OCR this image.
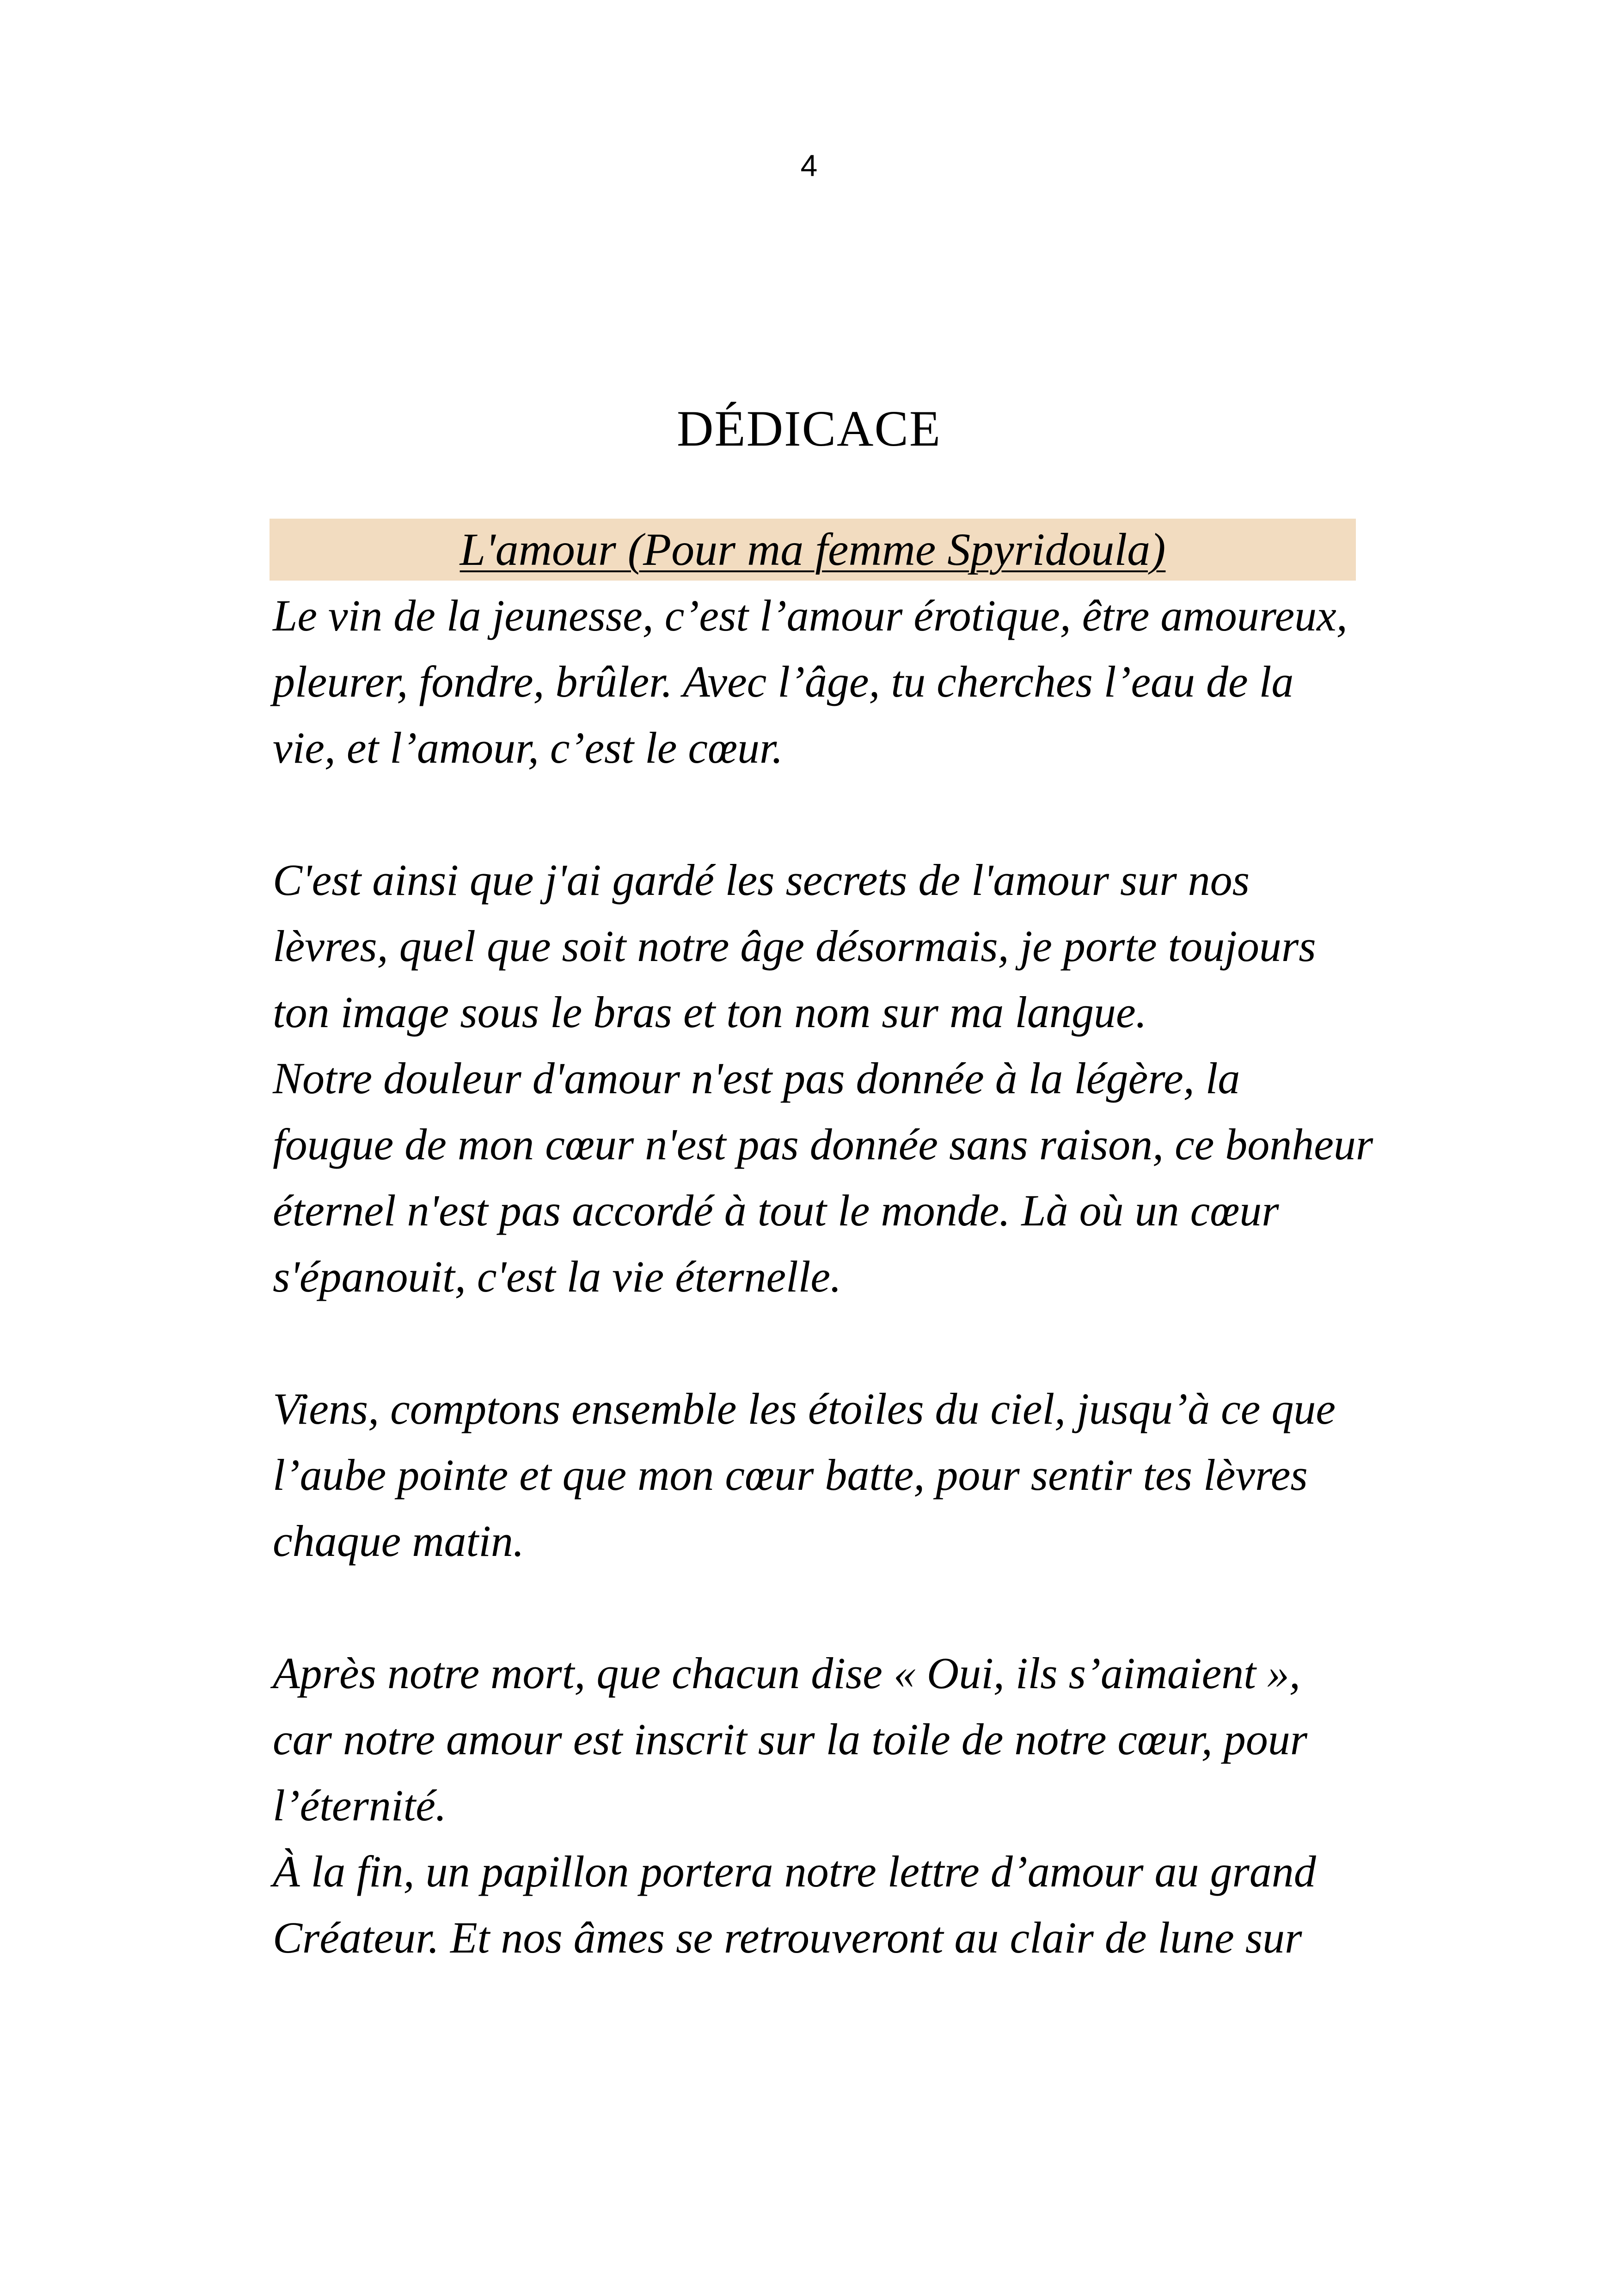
4
DÉDICACE
L'amour (Pour ma femme Spyridoula)
Le vin de la jeunesse, c’est l’amour érotique, être amoureux,
pleurer, fondre, brûler. Avec l’âge, tu cherches l’eau de la
vie, et l’amour, c’est le cœur.
C'est ainsi que j'ai gardé les secrets de l'amour sur nos
lèvres, quel que soit notre âge désormais, je porte toujours
ton image sous le bras et ton nom sur ma langue.
Notre douleur d'amour n'est pas donnée à la légère, la
fougue de mon cœur n'est pas donnée sans raison, ce bonheur
éternel n'est pas accordé à tout le monde. Là où un cœur
s'épanouit, c'est la vie éternelle.
Viens, comptons ensemble les étoiles du ciel, jusqu’à ce que
l’aube pointe et que mon cœur batte, pour sentir tes lèvres
chaque matin.
Après notre mort, que chacun dise « Oui, ils s’aimaient »,
car notre amour est inscrit sur la toile de notre cœur, pour
l’éternité.
À la fin, un papillon portera notre lettre d’amour au grand
Créateur. Et nos âmes se retrouveront au clair de lune sur
